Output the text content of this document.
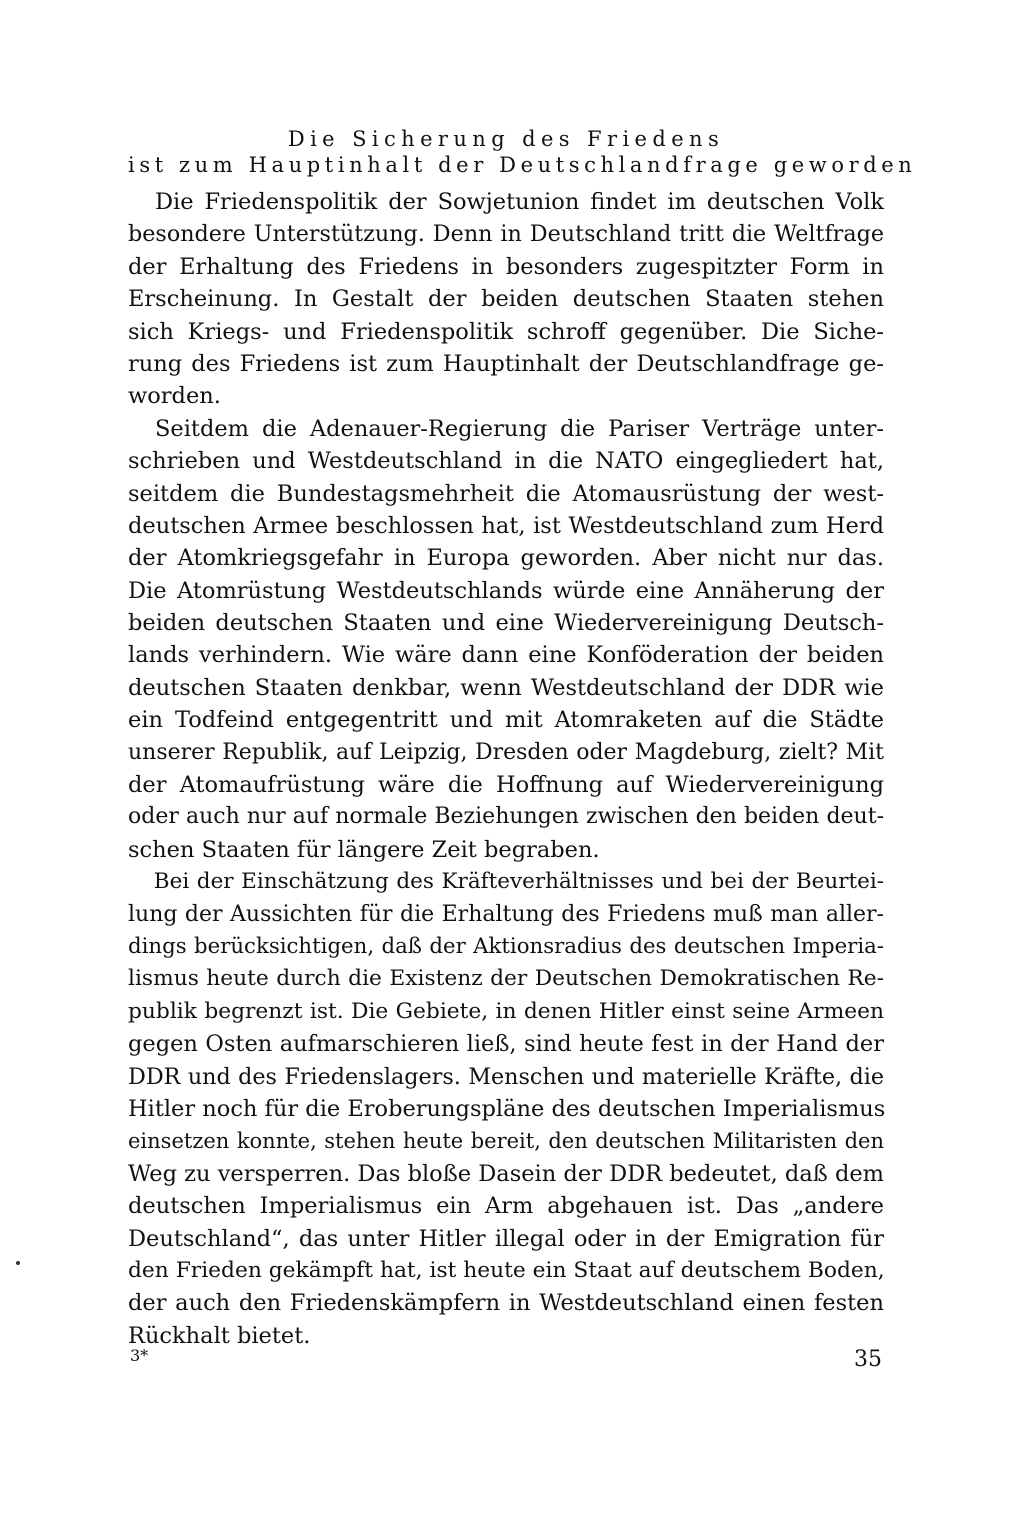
Die Sicherung des Friedens
ist zum Hauptinhalt der Deutschlandfrage geworden
Die Friedenspolitik der Sowjetunion findet im deutschen Volk
besondere Unterstützung. Denn in Deutschland tritt die Weltfrage
der Erhaltung des Friedens in besonders zugespitzter Form in
Erscheinung. In Gestalt der beiden deutschen Staaten stehen
sich Kriegs- und Friedenspolitik schroff gegenüber. Die Siche-
rung des Friedens ist zum Hauptinhalt der Deutschlandfrage ge-
worden.
Seitdem die Adenauer-Regierung die Pariser Verträge unter-
schrieben und Westdeutschland in die NATO eingegliedert hat,
seitdem die Bundestagsmehrheit die Atomausrüstung der west-
deutschen Armee beschlossen hat, ist Westdeutschland zum Herd
der Atomkriegsgefahr in Europa geworden. Aber nicht nur das.
Die Atomrüstung Westdeutschlands würde eine Annäherung der
beiden deutschen Staaten und eine Wiedervereinigung Deutsch-
lands verhindern. Wie wäre dann eine Konföderation der beiden
deutschen Staaten denkbar, wenn Westdeutschland der DDR wie
ein Todfeind entgegentritt und mit Atomraketen auf die Städte
unserer Republik, auf Leipzig, Dresden oder Magdeburg, zielt? Mit
der Atomaufrüstung wäre die Hoffnung auf Wiedervereinigung
oder auch nur auf normale Beziehungen zwischen den beiden deut-
schen Staaten für längere Zeit begraben.
Bei der Einschätzung des Kräfteverhältnisses und bei der Beurtei-
lung der Aussichten für die Erhaltung des Friedens muß man aller-
dings berücksichtigen, daß der Aktionsradius des deutschen Imperia-
lismus heute durch die Existenz der Deutschen Demokratischen Re-
publik begrenzt ist. Die Gebiete, in denen Hitler einst seine Armeen
gegen Osten aufmarschieren ließ, sind heute fest in der Hand der
DDR und des Friedenslagers. Menschen und materielle Kräfte, die
Hitler noch für die Eroberungspläne des deutschen Imperialismus
einsetzen konnte, stehen heute bereit, den deutschen Militaristen den
Weg zu versperren. Das bloße Dasein der DDR bedeutet, daß dem
deutschen Imperialismus ein Arm abgehauen ist. Das „andere
Deutschland“, das unter Hitler illegal oder in der Emigration für
den Frieden gekämpft hat, ist heute ein Staat auf deutschem Boden,
der auch den Friedenskämpfern in Westdeutschland einen festen
Rückhalt bietet.
3*	35
